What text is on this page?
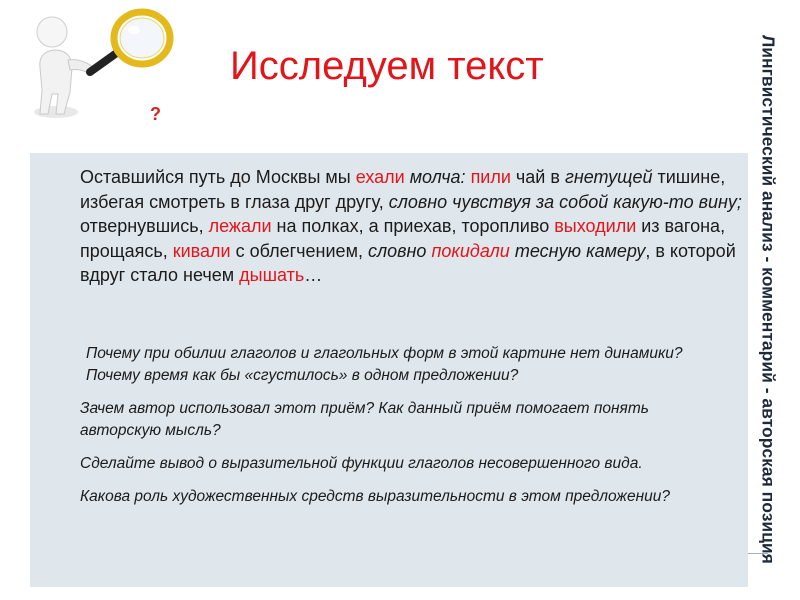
?
Исследуем текст	Лингвистический анализ - комментарий - авторская позиция
Оставшийся путь до Москвы мы ехали молча: пили чай в гнетущей тишине, избегая смотреть в глаза друг другу, словно чувствуя за собой какую-то вину; отвернувшись, лежали на полках, а приехав, торопливо выходили из вагона, прощаясь, кивали с облегчением, словно покидали тесную камеру, в которой вдруг стало нечем дышать…
Почему при обилии глаголов и глагольных форм в этой картине нет динамики? Почему время как бы «сгустилось» в одном предложении?
Зачем автор использовал этот приём? Как данный приём помогает понять авторскую мысль?
Сделайте вывод о выразительной функции глаголов несовершенного вида.
Какова роль художественных средств выразительности в этом предложении?
